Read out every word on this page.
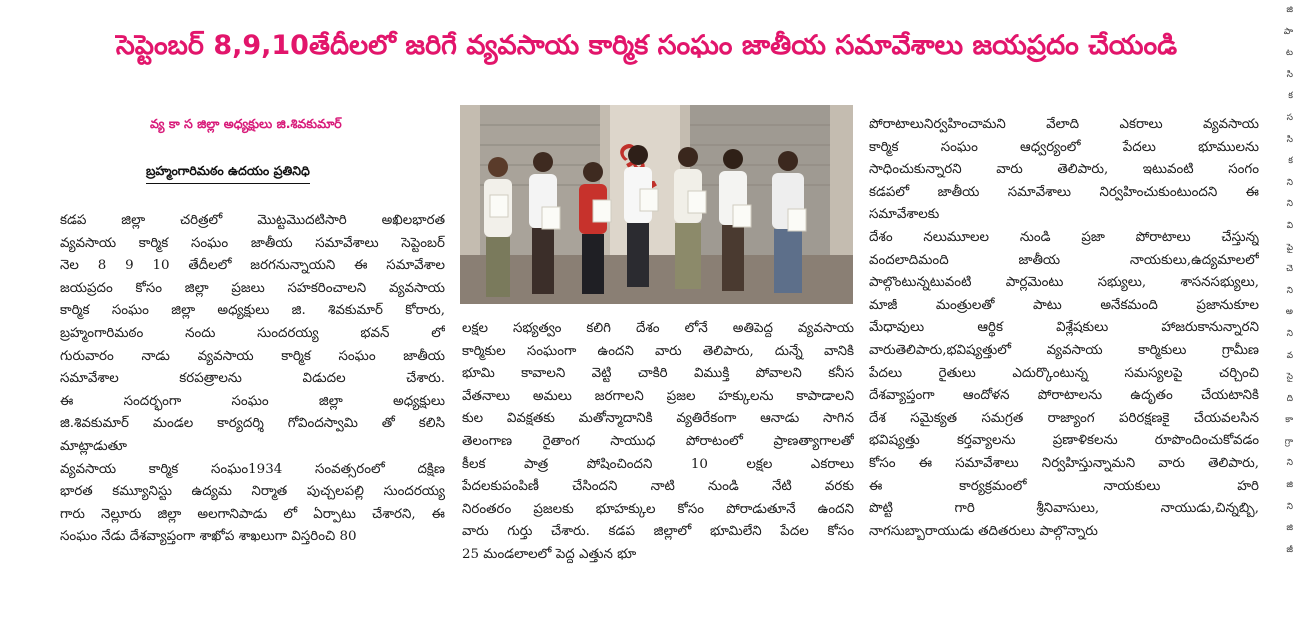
సెప్టెంబర్ 8,9,10తేదీలలో జరిగే వ్యవసాయ కార్మిక సంఘం జాతీయ సమావేశాలు జయప్రదం చేయండి
వ్య కా స జిల్లా అధ్యక్షులు జి.శివకుమార్
బ్రహ్మంగారిమఠం ఉదయం ప్రతినిధి
కడప జిల్లా చరిత్రలో మొట్టమొదటిసారి అఖిలభారత
వ్యవసాయ కార్మిక సంఘం జాతీయ సమావేశాలు సెప్టెంబర్
నెల 8 9 10 తేదీలలో జరగనున్నాయని ఈ సమావేశాల
జయప్రదం కోసం జిల్లా ప్రజలు సహకరించాలని వ్యవసాయ
కార్మిక సంఘం జిల్లా అధ్యక్షులు జి. శివకుమార్ కోరారు,
బ్రహ్మంగారిమఠం నందు సుందరయ్య భవన్ లో
గురువారం నాడు వ్యవసాయ కార్మిక సంఘం జాతీయ
సమావేశాల కరపత్రాలను విడుదల చేశారు.
ఈ సందర్భంగా సంఘం జిల్లా అధ్యక్షులు
జి.శివకుమార్ మండల కార్యదర్శి గోవిందస్వామి తో కలిసి
మాట్లాడుతూ
వ్యవసాయ కార్మిక సంఘం1934 సంవత్సరంలో దక్షిణ
భారత కమ్యూనిస్టు ఉద్యమ నిర్మాత పుచ్చలపల్లి సుందరయ్య
గారు నెల్లూరు జిల్లా అలగానిపాడు లో ఏర్పాటు చేశారని, ఈ
సంఘం నేడు దేశవ్యాప్తంగా శాఖోప శాఖలుగా విస్తరించి 80
లక్షల సభ్యత్వం కలిగి దేశం లోనే అతిపెద్ద వ్యవసాయ
కార్మికుల సంఘంగా ఉందని వారు తెలిపారు, దున్నే వానికి
భూమి కావాలని వెట్టి చాకిరి విముక్తి పోవాలని కనీస
వేతనాలు అమలు జరగాలని ప్రజల హక్కులను కాపాడాలని
కుల వివక్షతకు మతోన్మాదానికి వ్యతిరేకంగా ఆనాడు సాగిన
తెలంగాణ రైతాంగ సాయుధ పోరాటంలో ప్రాణత్యాగాలతో
కీలక పాత్ర పోషించిందని 10 లక్షల ఎకరాలు
పేదలకుపంపిణీ చేసిందని నాటి నుండి నేటి వరకు
నిరంతరం ప్రజలకు భూహక్కుల కోసం పోరాడుతూనే ఉందని
వారు గుర్తు చేశారు. కడప జిల్లాలో భూమిలేని పేదల కోసం
25 మండలాలలో పెద్ద ఎత్తున భూ
పోరాటాలునిర్వహించామని వేలాది ఎకరాలు వ్యవసాయ
కార్మిక సంఘం ఆధ్వర్యంలో పేదలు భూములను
సాధించుకున్నారని వారు తెలిపారు, ఇటువంటి సంగం
కడపలో జాతీయ సమావేశాలు నిర్వహించుకుంటుందని ఈ
సమావేశాలకు
దేశం నలుమూలల నుండి ప్రజా పోరాటాలు చేస్తున్న
వందలాదిమంది జాతీయ నాయకులు,ఉద్యమాలలో
పాల్గొంటున్నటువంటి పార్లమెంటు సభ్యులు, శాసనసభ్యులు,
మాజీ మంత్రులతో పాటు అనేకమంది ప్రజానుకూల
మేధావులు ఆర్థిక విశ్లేషకులు హాజరుకానున్నారని
వారుతెలిపారు,భవిష్యత్తులో వ్యవసాయ కార్మికులు గ్రామీణ
పేదలు రైతులు ఎదుర్కొంటున్న సమస్యలపై చర్చించి
దేశవ్యాప్తంగా ఆందోళన పోరాటాలను ఉదృతం చేయటానికి
దేశ సమైక్యత సమగ్రత రాజ్యాంగ పరిరక్షణకై చేయవలసిన
భవిష్యత్తు కర్తవ్యాలను ప్రణాళికలను రూపొందించుకోవడం
కోసం ఈ సమావేశాలు నిర్వహిస్తున్నామని వారు తెలిపారు,
ఈ కార్యక్రమంలో నాయకులు హరి
పొట్టి గారి శ్రీనివాసులు, నాయుడు,చిన్నబ్బి,
నాగసుబ్బారాయుడు తదితరులు పాల్గొన్నారు
జి
పా
ట
సి
క
స
సి
క
ని
ని
వి
పై
చె
ని
అ
ని
వ
సై
ది
కా
గ్రా
ని
జి
ని
జి
జీ
